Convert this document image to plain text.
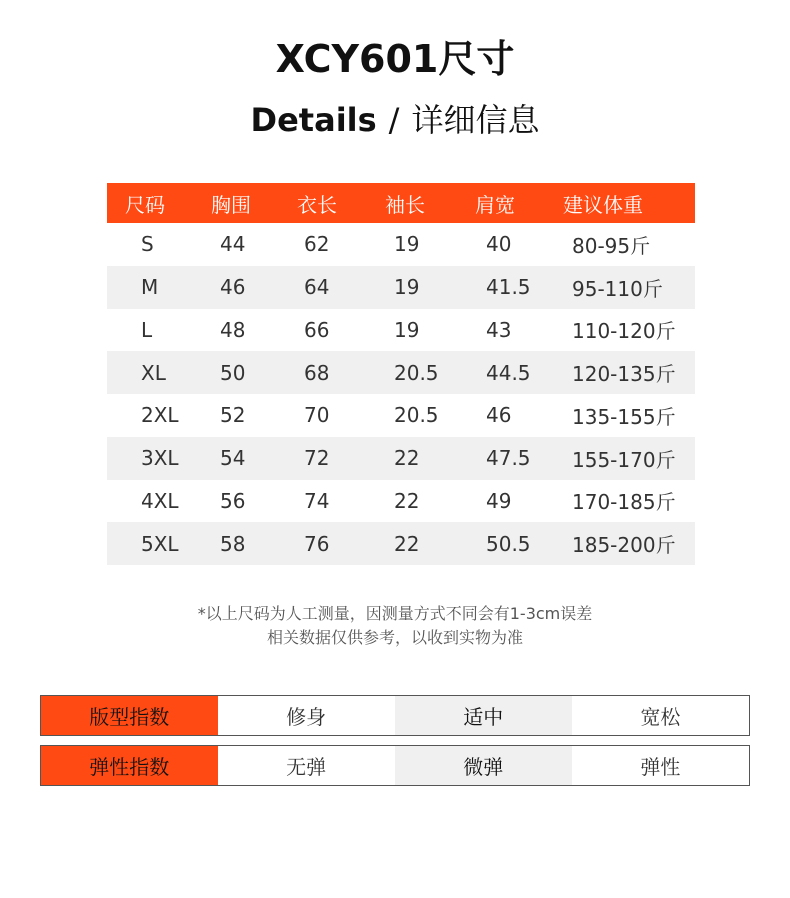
XCY601尺寸
Details / 详细信息
尺码	胸围	衣长	袖长	肩宽	建议体重
S	44	62	19	40	80-95斤
M	46	64	19	41.5	95-110斤
L	48	66	19	43	110-120斤
XL	50	68	20.5	44.5	120-135斤
2XL	52	70	20.5	46	135-155斤
3XL	54	72	22	47.5	155-170斤
4XL	56	74	22	49	170-185斤
5XL	58	76	22	50.5	185-200斤
*以上尺码为人工测量，因测量方式不同会有1-3cm误差
相关数据仅供参考，以收到实物为准
版型指数	修身	适中	宽松
弹性指数	无弹	微弹	弹性
